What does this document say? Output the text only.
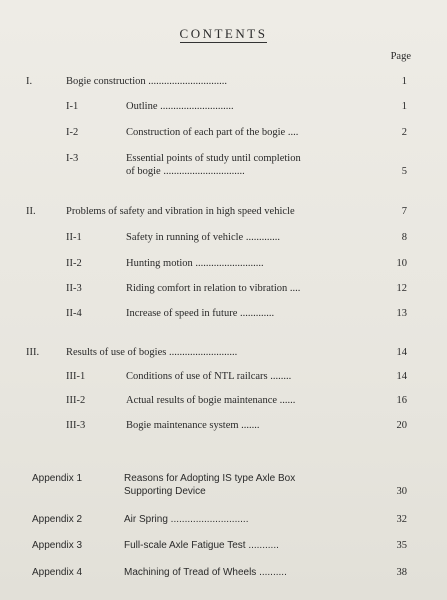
CONTENTS
Page
I.	Bogie construction ..............................	1
I-1	Outline ............................	1
I-2	Construction of each part of the bogie ....	2
I-3	Essential points of study until completion
of bogie ...............................	5
II.	Problems of safety and vibration in high speed vehicle	7
II-1	Safety in running of vehicle .............	8
II-2	Hunting motion ..........................	10
II-3	Riding comfort in relation to vibration ....	12
II-4	Increase of speed in future .............	13
III.	Results of use of bogies ..........................	14
III-1	Conditions of use of NTL railcars ........	14
III-2	Actual results of bogie maintenance ......	16
III-3	Bogie maintenance system .......	20
Appendix 1	Reasons for Adopting IS type Axle Box
Supporting Device	30
Appendix 2	Air Spring ............................	32
Appendix 3	Full-scale Axle Fatigue Test ...........	35
Appendix 4	Machining of Tread of Wheels ..........	38
